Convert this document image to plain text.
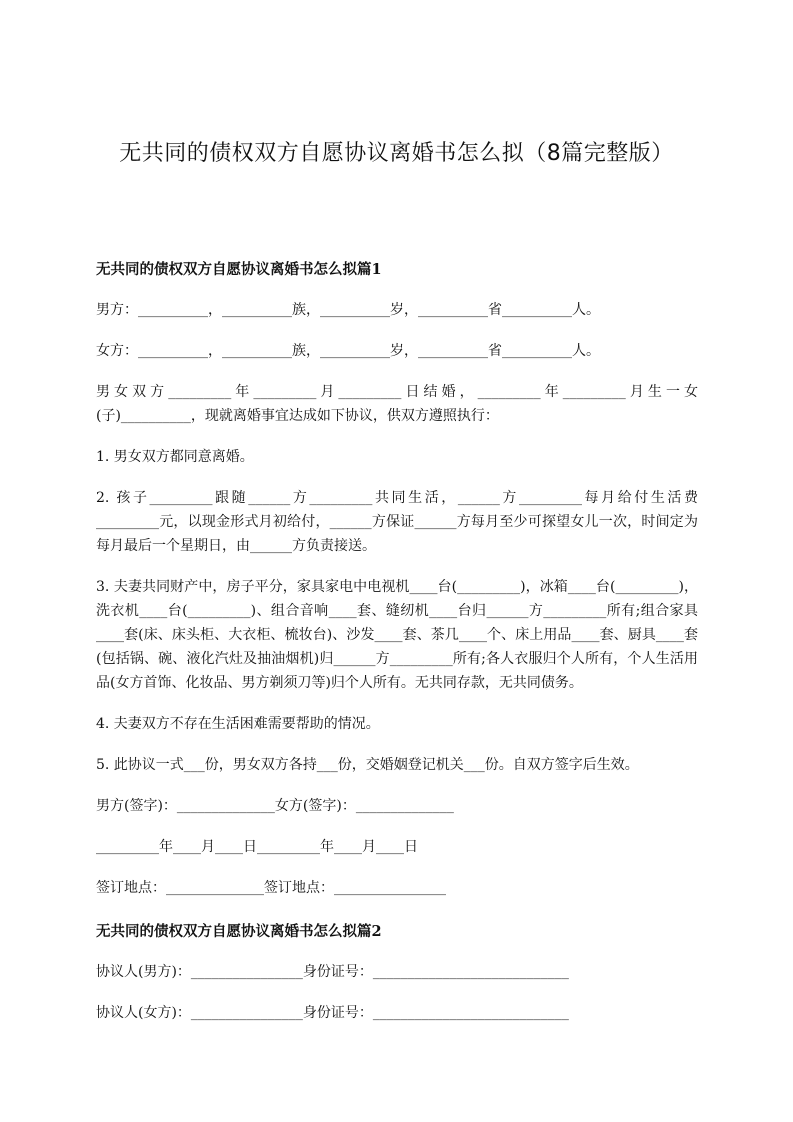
无共同的债权双方自愿协议离婚书怎么拟（8篇完整版）

无共同的债权双方自愿协议离婚书怎么拟篇1

男方：__________，__________族，__________岁，__________省__________人。

女方：__________，__________族，__________岁，__________省__________人。

男女双方_________年_________月_________日结婚，_________年_________月生一女(子)__________，现就离婚事宜达成如下协议，供双方遵照执行：

1. 男女双方都同意离婚。

2. 孩子_________跟随______方_________共同生活，______方_________每月给付生活费_________元，以现金形式月初给付，______方保证______方每月至少可探望女儿一次，时间定为每月最后一个星期日，由______方负责接送。

3. 夫妻共同财产中，房子平分，家具家电中电视机____台(_________)，冰箱____台(_________)，洗衣机____台(_________)、组合音响____套、缝纫机____台归______方_________所有;组合家具____套(床、床头柜、大衣柜、梳妆台)、沙发____套、茶几____个、床上用品____套、厨具____套(包括锅、碗、液化汽灶及抽油烟机)归______方_________所有;各人衣服归个人所有，个人生活用品(女方首饰、化妆品、男方剃须刀等)归个人所有。无共同存款，无共同债务。

4. 夫妻双方不存在生活困难需要帮助的情况。

5. 此协议一式___份，男女双方各持___份，交婚姻登记机关___份。自双方签字后生效。

男方(签字)：______________女方(签字)：______________

_________年____月____日_________年____月____日

签订地点：______________签订地点：________________

无共同的债权双方自愿协议离婚书怎么拟篇2

协议人(男方)：________________身份证号：____________________________

协议人(女方)：________________身份证号：____________________________
